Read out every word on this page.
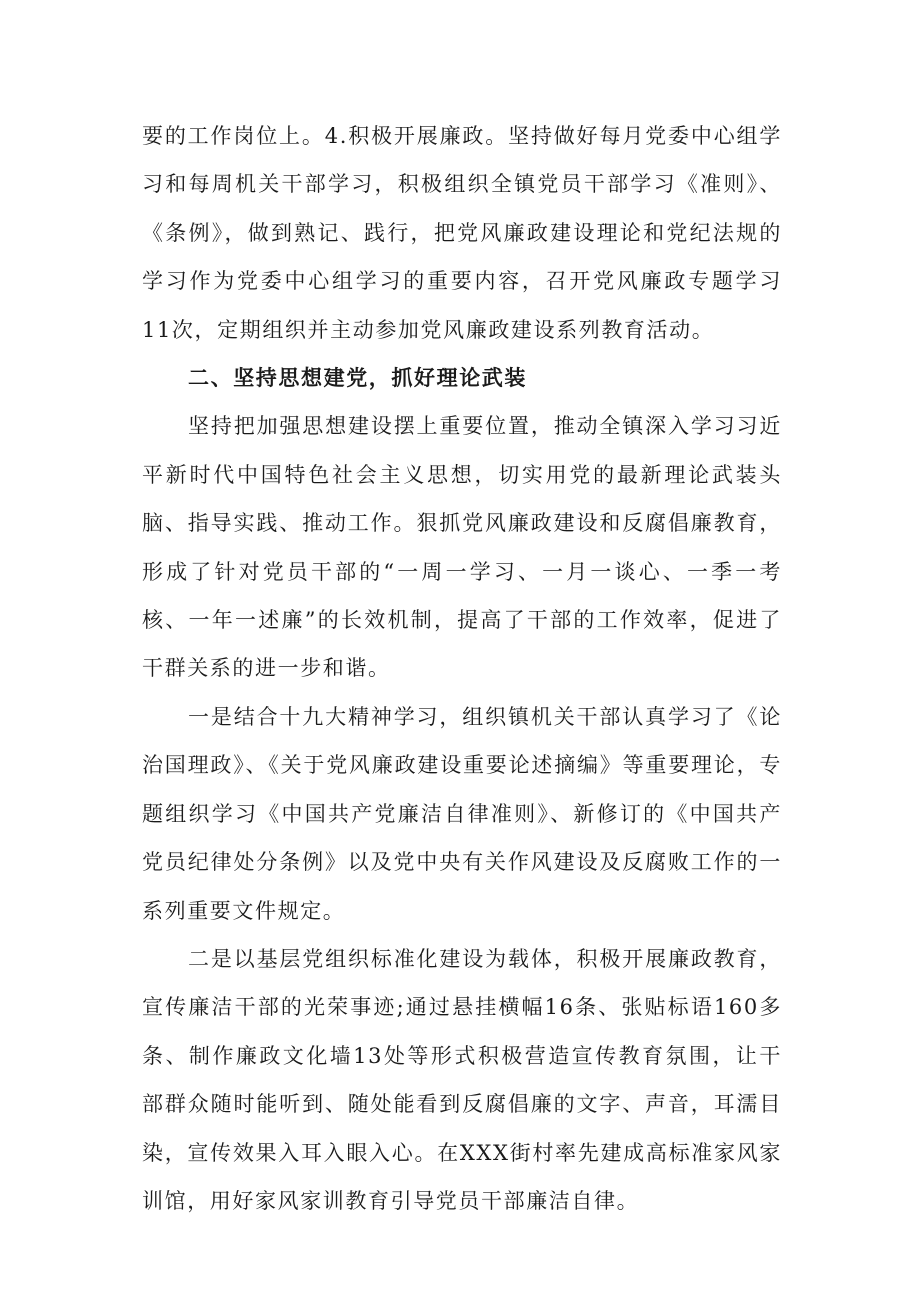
要的工作岗位上。4.积极开展廉政。坚持做好每月党委中心组学习和每周机关干部学习，积极组织全镇党员干部学习《准则》、《条例》，做到熟记、践行，把党风廉政建设理论和党纪法规的学习作为党委中心组学习的重要内容，召开党风廉政专题学习11次，定期组织并主动参加党风廉政建设系列教育活动。

二、坚持思想建党，抓好理论武装

坚持把加强思想建设摆上重要位置，推动全镇深入学习习近平新时代中国特色社会主义思想，切实用党的最新理论武装头脑、指导实践、推动工作。狠抓党风廉政建设和反腐倡廉教育，形成了针对党员干部的“一周一学习、一月一谈心、一季一考核、一年一述廉”的长效机制，提高了干部的工作效率，促进了干群关系的进一步和谐。

一是结合十九大精神学习，组织镇机关干部认真学习了《论治国理政》、《关于党风廉政建设重要论述摘编》等重要理论，专题组织学习《中国共产党廉洁自律准则》、新修订的《中国共产党员纪律处分条例》以及党中央有关作风建设及反腐败工作的一系列重要文件规定。

二是以基层党组织标准化建设为载体，积极开展廉政教育，宣传廉洁干部的光荣事迹;通过悬挂横幅16条、张贴标语160多条、制作廉政文化墙13处等形式积极营造宣传教育氛围，让干部群众随时能听到、随处能看到反腐倡廉的文字、声音，耳濡目染，宣传效果入耳入眼入心。在XXX街村率先建成高标准家风家训馆，用好家风家训教育引导党员干部廉洁自律。
